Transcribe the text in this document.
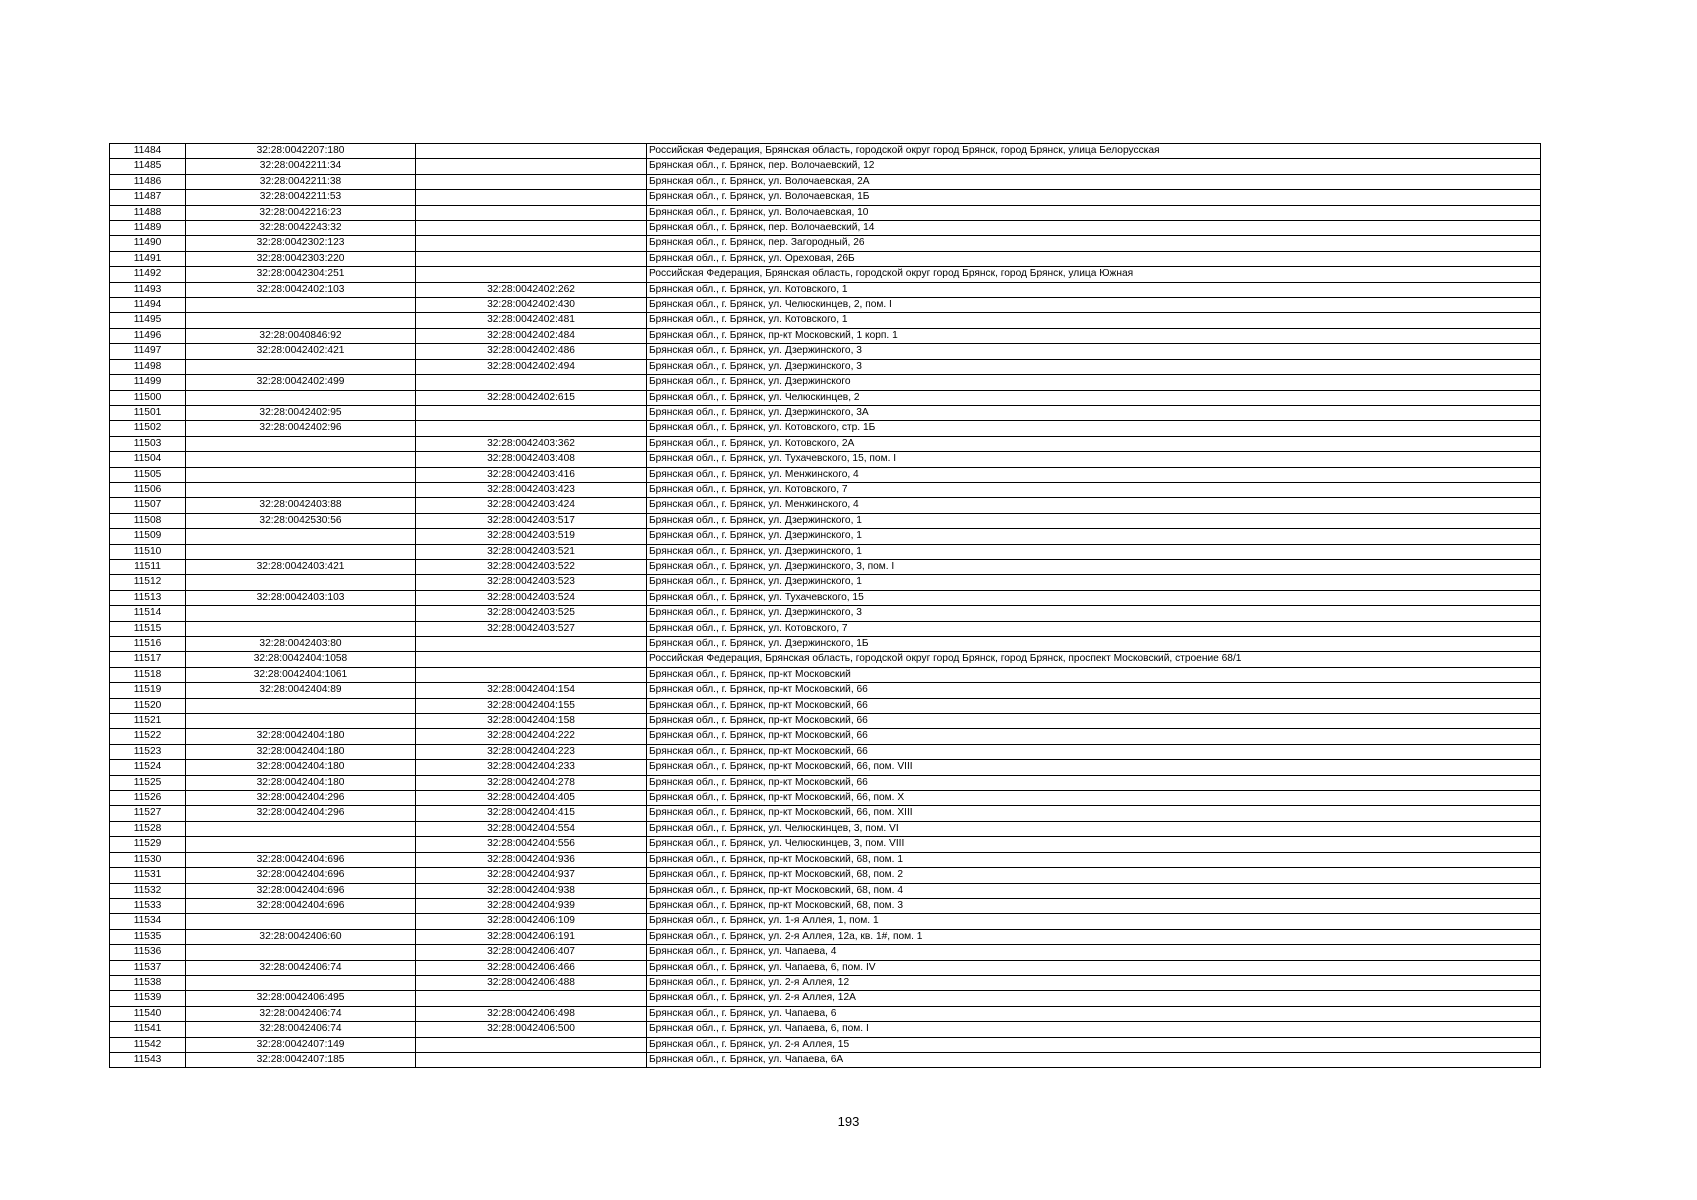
11484	32:28:0042207:180		Российская Федерация, Брянская область, городской округ город Брянск, город Брянск, улица Белорусская
11485	32:28:0042211:34		Брянская обл., г. Брянск, пер. Волочаевский, 12
11486	32:28:0042211:38		Брянская обл., г. Брянск, ул. Волочаевская, 2А
11487	32:28:0042211:53		Брянская обл., г. Брянск, ул. Волочаевская, 1Б
11488	32:28:0042216:23		Брянская обл., г. Брянск, ул. Волочаевская, 10
11489	32:28:0042243:32		Брянская обл., г. Брянск, пер. Волочаевский, 14
11490	32:28:0042302:123		Брянская обл., г. Брянск, пер. Загородный, 26
11491	32:28:0042303:220		Брянская обл., г. Брянск, ул. Ореховая, 26Б
11492	32:28:0042304:251		Российская Федерация, Брянская область, городской округ город Брянск, город Брянск, улица Южная
11493	32:28:0042402:103	32:28:0042402:262	Брянская обл., г. Брянск, ул. Котовского, 1
11494		32:28:0042402:430	Брянская обл., г. Брянск, ул. Челюскинцев, 2, пом. I
11495		32:28:0042402:481	Брянская обл., г. Брянск, ул. Котовского, 1
11496	32:28:0040846:92	32:28:0042402:484	Брянская обл., г. Брянск, пр-кт Московский, 1 корп. 1
11497	32:28:0042402:421	32:28:0042402:486	Брянская обл., г. Брянск, ул. Дзержинского, 3
11498		32:28:0042402:494	Брянская обл., г. Брянск, ул. Дзержинского, 3
11499	32:28:0042402:499		Брянская обл., г. Брянск, ул. Дзержинского
11500		32:28:0042402:615	Брянская обл., г. Брянск, ул. Челюскинцев, 2
11501	32:28:0042402:95		Брянская обл., г. Брянск, ул. Дзержинского, 3А
11502	32:28:0042402:96		Брянская обл., г. Брянск, ул. Котовского, стр. 1Б
11503		32:28:0042403:362	Брянская обл., г. Брянск, ул. Котовского, 2А
11504		32:28:0042403:408	Брянская обл., г. Брянск, ул. Тухачевского, 15, пом. I
11505		32:28:0042403:416	Брянская обл., г. Брянск, ул. Менжинского, 4
11506		32:28:0042403:423	Брянская обл., г. Брянск, ул. Котовского, 7
11507	32:28:0042403:88	32:28:0042403:424	Брянская обл., г. Брянск, ул. Менжинского, 4
11508	32:28:0042530:56	32:28:0042403:517	Брянская обл., г. Брянск, ул. Дзержинского, 1
11509		32:28:0042403:519	Брянская обл., г. Брянск, ул. Дзержинского, 1
11510		32:28:0042403:521	Брянская обл., г. Брянск, ул. Дзержинского, 1
11511	32:28:0042403:421	32:28:0042403:522	Брянская обл., г. Брянск, ул. Дзержинского, 3, пом. I
11512		32:28:0042403:523	Брянская обл., г. Брянск, ул. Дзержинского, 1
11513	32:28:0042403:103	32:28:0042403:524	Брянская обл., г. Брянск, ул. Тухачевского, 15
11514		32:28:0042403:525	Брянская обл., г. Брянск, ул. Дзержинского, 3
11515		32:28:0042403:527	Брянская обл., г. Брянск, ул. Котовского, 7
11516	32:28:0042403:80		Брянская обл., г. Брянск, ул. Дзержинского, 1Б
11517	32:28:0042404:1058		Российская Федерация, Брянская область, городской округ город Брянск, город Брянск, проспект Московский, строение 68/1
11518	32:28:0042404:1061		Брянская обл., г. Брянск, пр-кт Московский
11519	32:28:0042404:89	32:28:0042404:154	Брянская обл., г. Брянск, пр-кт Московский, 66
11520		32:28:0042404:155	Брянская обл., г. Брянск, пр-кт Московский, 66
11521		32:28:0042404:158	Брянская обл., г. Брянск, пр-кт Московский, 66
11522	32:28:0042404:180	32:28:0042404:222	Брянская обл., г. Брянск, пр-кт Московский, 66
11523	32:28:0042404:180	32:28:0042404:223	Брянская обл., г. Брянск, пр-кт Московский, 66
11524	32:28:0042404:180	32:28:0042404:233	Брянская обл., г. Брянск, пр-кт Московский, 66, пом. VIII
11525	32:28:0042404:180	32:28:0042404:278	Брянская обл., г. Брянск, пр-кт Московский, 66
11526	32:28:0042404:296	32:28:0042404:405	Брянская обл., г. Брянск, пр-кт Московский, 66, пом. Х
11527	32:28:0042404:296	32:28:0042404:415	Брянская обл., г. Брянск, пр-кт Московский, 66, пом. XIII
11528		32:28:0042404:554	Брянская обл., г. Брянск, ул. Челюскинцев, 3, пом. VI
11529		32:28:0042404:556	Брянская обл., г. Брянск, ул. Челюскинцев, 3, пом. VIII
11530	32:28:0042404:696	32:28:0042404:936	Брянская обл., г. Брянск, пр-кт Московский, 68, пом. 1
11531	32:28:0042404:696	32:28:0042404:937	Брянская обл., г. Брянск, пр-кт Московский, 68, пом. 2
11532	32:28:0042404:696	32:28:0042404:938	Брянская обл., г. Брянск, пр-кт Московский, 68, пом. 4
11533	32:28:0042404:696	32:28:0042404:939	Брянская обл., г. Брянск, пр-кт Московский, 68, пом. 3
11534		32:28:0042406:109	Брянская обл., г. Брянск, ул. 1-я Аллея, 1, пом. 1
11535	32:28:0042406:60	32:28:0042406:191	Брянская обл., г. Брянск, ул. 2-я Аллея, 12а, кв. 1#, пом. 1
11536		32:28:0042406:407	Брянская обл., г. Брянск, ул. Чапаева, 4
11537	32:28:0042406:74	32:28:0042406:466	Брянская обл., г. Брянск, ул. Чапаева, 6, пом. IV
11538		32:28:0042406:488	Брянская обл., г. Брянск, ул. 2-я Аллея, 12
11539	32:28:0042406:495		Брянская обл., г. Брянск, ул. 2-я Аллея, 12А
11540	32:28:0042406:74	32:28:0042406:498	Брянская обл., г. Брянск, ул. Чапаева, 6
11541	32:28:0042406:74	32:28:0042406:500	Брянская обл., г. Брянск, ул. Чапаева, 6, пом. I
11542	32:28:0042407:149		Брянская обл., г. Брянск, ул. 2-я Аллея, 15
11543	32:28:0042407:185		Брянская обл., г. Брянск, ул. Чапаева, 6А
193
